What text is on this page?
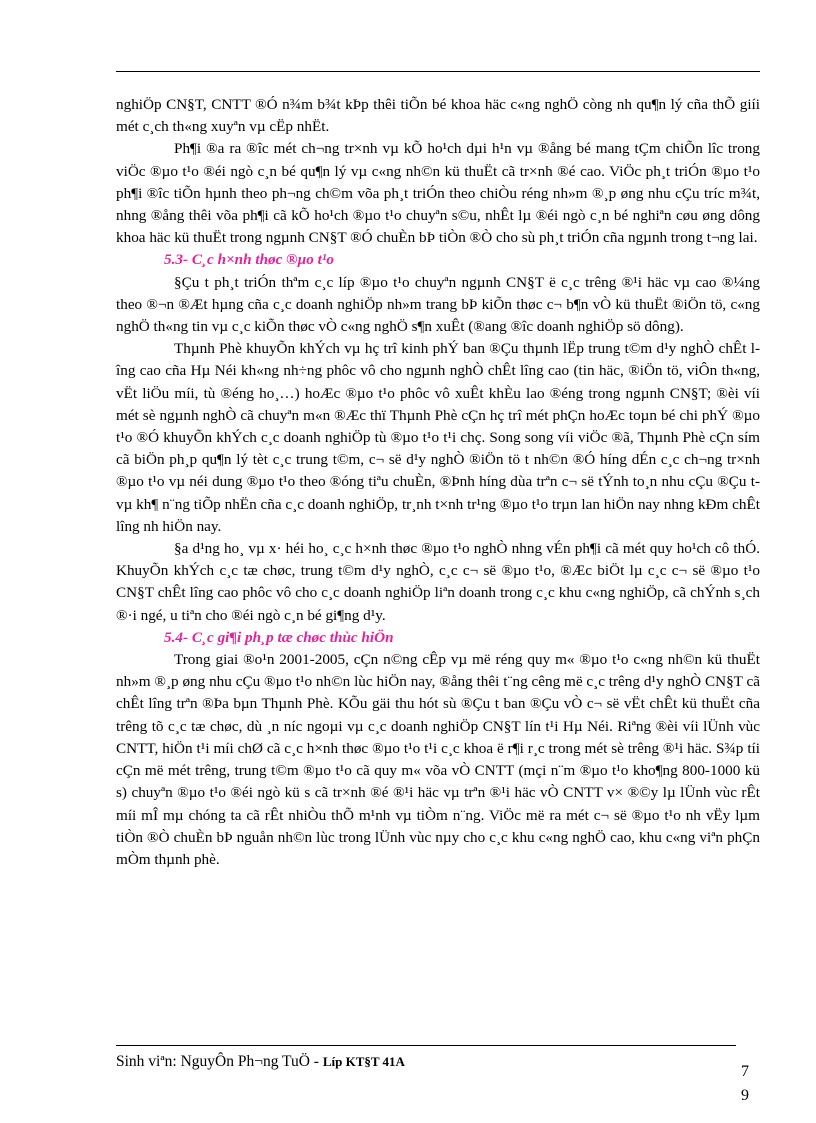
nghiÖp CN§T, CNTT ®Ó n¾m b¾t kÞp thêi tiÕn bé khoa häc c«ng nghÖ còng nh qu¶n lý cña thÕ giíi mét c¸ch th«ng xuyªn vµ cËp nhËt.

Ph¶i ®a ra ®îc mét ch¬ng tr×nh vµ kÕ ho¹ch dµi h¹n vµ ®ång bé mang tÇm chiÕn lîc trong viÖc ®µo t¹o ®éi ngò c¸n bé qu¶n lý vµ c«ng nh©n kü thuËt cã tr×nh ®é cao. ViÖc ph¸t triÓn ®µo t¹o ph¶i ®îc tiÕn hµnh theo ph¬ng ch©m võa ph¸t triÓn theo chiÒu réng nh»m ®¸p øng nhu cÇu tríc m¾t, nhng ®ång thêi võa ph¶i cã kÕ ho¹ch ®µo t¹o chuyªn s©u, nhÊt lµ ®éi ngò c¸n bé nghiªn cøu øng dông khoa häc kü thuËt trong ngµnh CN§T ®Ó chuÈn bÞ tiÒn ®Ò cho sù ph¸t triÓn cña ngµnh trong t¬ng lai.

5.3- C¸c h×nh thøc ®µo t¹o

§Çu t ph¸t triÓn thªm c¸c líp ®µo t¹o chuyªn ngµnh CN§T ë c¸c trêng ®¹i häc vµ cao ®¼ng theo ®¬n ®Æt hµng cña c¸c doanh nghiÖp nh»m trang bÞ kiÕn thøc c¬ b¶n vÒ kü thuËt ®iÖn tö, c«ng nghÖ th«ng tin vµ c¸c kiÕn thøc vÒ c«ng nghÖ s¶n xuÊt (®ang ®îc doanh nghiÖp sö dông).

Thµnh Phè khuyÕn khÝch vµ hç trî kinh phÝ ban ®Çu thµnh lËp trung t©m d¹y nghÒ chÊt lîng cao cña Hµ Néi kh«ng nh÷ng phôc vô cho ngµnh nghÒ chÊt lîng cao (tin häc, ®iÖn tö, viÔn th«ng, vËt liÖu míi, tù ®éng ho¸…) hoÆc ®µo t¹o phôc vô xuÊt khÈu lao ®éng trong ngµnh CN§T; ®èi víi mét sè ngµnh nghÒ cã chuyªn m«n ®Æc thï Thµnh Phè cÇn hç trî mét phÇn hoÆc toµn bé chi phÝ ®µo t¹o ®Ó khuyÕn khÝch c¸c doanh nghiÖp tù ®µo t¹o t¹i chç. Song song víi viÖc ®ã, Thµnh Phè cÇn sím cã biÖn ph¸p qu¶n lý tèt c¸c trung t©m, c¬ së d¹y nghÒ ®iÖn tö t nh©n ®Ó híng dÉn c¸c ch¬ng tr×nh ®µo t¹o vµ néi dung ®µo t¹o theo ®óng tiªu chuÈn, ®Þnh híng dùa trªn c¬ së tÝnh to¸n nhu cÇu ®Çu t vµ kh¶ n¨ng tiÕp nhËn cña c¸c doanh nghiÖp, tr¸nh t×nh tr¹ng ®µo t¹o trµn lan hiÖn nay nhng kÐm chÊt lîng nh hiÖn nay.

§a d¹ng ho¸ vµ x· héi ho¸ c¸c h×nh thøc ®µo t¹o nghÒ nhng vÉn ph¶i cã mét quy ho¹ch cô thÓ. KhuyÕn khÝch c¸c tæ chøc, trung t©m d¹y nghÒ, c¸c c¬ së ®µo t¹o, ®Æc biÖt lµ c¸c c¬ së ®µo t¹o CN§T chÊt lîng cao phôc vô cho c¸c doanh nghiÖp liªn doanh trong c¸c khu c«ng nghiÖp, cã chÝnh s¸ch ®·i ngé, u tiªn cho ®éi ngò c¸n bé gi¶ng d¹y.

5.4- C¸c gi¶i ph¸p tæ chøc thùc hiÖn

Trong giai ®o¹n 2001-2005, cÇn n©ng cÊp vµ më réng quy m« ®µo t¹o c«ng nh©n kü thuËt nh»m ®¸p øng nhu cÇu ®µo t¹o nh©n lùc hiÖn nay, ®ång thêi t¨ng cêng më c¸c trêng d¹y nghÒ CN§T cã chÊt lîng trªn ®Þa bµn Thµnh Phè. KÕu gäi thu hót sù ®Çu t ban ®Çu vÒ c¬ së vËt chÊt kü thuËt cña trêng tõ c¸c tæ chøc, dù ¸n níc ngoµi vµ c¸c doanh nghiÖp CN§T lín t¹i Hµ Néi. Riªng ®èi víi lÜnh vùc CNTT, hiÖn t¹i míi chØ cã c¸c h×nh thøc ®µo t¹o t¹i c¸c khoa ë r¶i r¸c trong mét sè trêng ®¹i häc. S¾p tíi cÇn më mét trêng, trung t©m ®µo t¹o cã quy m« võa vÒ CNTT (mçi n¨m ®µo t¹o kho¶ng 800-1000 kü s) chuyªn ®µo t¹o ®éi ngò kü s cã tr×nh ®é ®¹i häc vµ trªn ®¹i häc vÒ CNTT v× ®©y lµ lÜnh vùc rÊt míi mÎ mµ chóng ta cã rÊt nhiÒu thÕ m¹nh vµ tiÒm n¨ng. ViÖc më ra mét c¬ së ®µo t¹o nh vËy lµm tiÒn ®Ò chuÈn bÞ nguån nh©n lùc trong lÜnh vùc nµy cho c¸c khu c«ng nghÖ cao, khu c«ng viªn phÇn mÒm thµnh phè.

Sinh viªn: NguyÔn Ph¬ng TuÖ - Líp KT§T 41A
7
9
